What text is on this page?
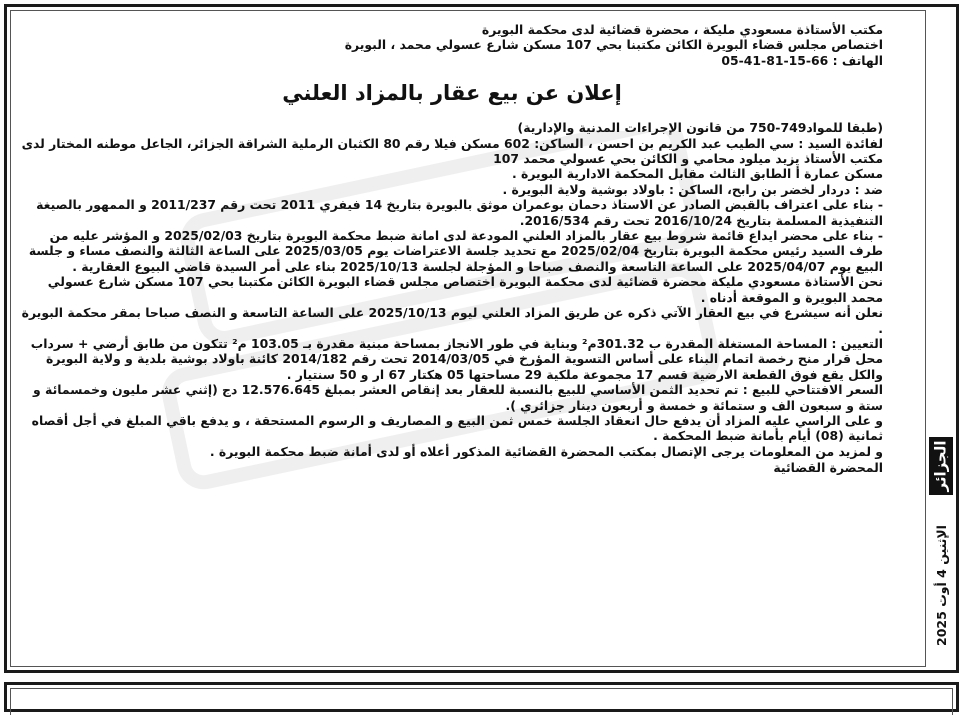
مكتب الأستاذة مسعودي مليكة ، محضرة قضائية لدى محكمة البويرة
اختصاص مجلس قضاء البويرة الكائن مكتبنا بحي 107 مسكن شارع عسولي محمد ، البويرة
الهاتف : 66-15-81-41-05
إعلان عن بيع عقار بالمزاد العلني

(طبقا للمواد749-750 من قانون الإجراءات المدنية والإدارية)

لفائدة السيد : سي الطيب عبد الكريم بن احسن ، الساكن: 602 مسكن فيلا رقم 80 الكثبان الرملية الشراقة الجزائر، الجاعل موطنه المختار لدى مكتب الأستاذ يزيد ميلود محامي و الكائن بحي عسولي محمد 107

مسكن عمارة أ الطابق الثالث مقابل المحكمة الادارية البويرة .

ضد : دردار لخضر بن رابح، الساكن : باولاد بوشية ولاية البويرة .

- بناء على اعتراف بالقبض الصادر عن الاستاذ دحمان بوعمران موثق بالبويرة بتاريخ 14 فيفري 2011 تحت رقم 2011/237 و الممهور بالصيغة التنفيذية المسلمة بتاريخ 2016/10/24 تحت رقم 2016/534.

- بناء على محضر ايداع قائمة شروط بيع عقار بالمزاد العلني المودعة لدى امانة ضبط محكمة البويرة بتاريخ 2025/02/03 و المؤشر عليه من طرف السيد رئيس محكمة البويرة بتاريخ 2025/02/04 مع تحديد جلسة الاعتراضات يوم 2025/03/05 على الساعة الثالثة والنصف مساء و جلسة البيع يوم 2025/04/07 على الساعة التاسعة والنصف صباحا و المؤجلة لجلسة 2025/10/13 بناء على أمر السيدة قاضي البيوع العقارية .

نحن الأستاذة مسعودي مليكة محضرة قضائية لدى محكمة البويرة اختصاص مجلس قضاء البويرة الكائن مكتبنا بحي 107 مسكن شارع عسولي محمد البويرة و الموقعة أدناه .

نعلن أنه سيشرع في بيع العقار الآتي ذكره عن طريق المزاد العلني ليوم 2025/10/13 على الساعة التاسعة و النصف صباحا بمقر محكمة البويرة .

التعيين : المساحة المستغلة المقدرة ب 301.32م² وبناية في طور الانجاز بمساحة مبنية مقدرة بـ 103.05 م² تتكون من طابق أرضي + سرداب محل قرار منح رخصة اتمام البناء على أساس التسوية المؤرخ في 2014/03/05 تحت رقم 2014/182 كائنة باولاد بوشية بلدية و ولاية البويرة والكل يقع فوق القطعة الارضية قسم 17 مجموعة ملكية 29 مساحتها 05 هكتار 67 ار و 50 سنتيار .

السعر الافتتاحي للبيع : تم تحديد الثمن الأساسي للبيع بالنسبة للعقار بعد إنقاص العشر بمبلغ 12.576.645 دج (إثني عشر مليون وخمسمائة و ستة و سبعون الف و ستمائة و خمسة و أربعون دينار جزائري ).

و على الراسي عليه المزاد أن يدفع حال انعقاد الجلسة خمس ثمن البيع و المصاريف و الرسوم المستحقة ، و يدفع باقي المبلغ في أجل أقصاه ثمانية (08) أيام بأمانة ضبط المحكمة .

و لمزيد من المعلومات يرجى الإتصال بمكتب المحضرة القضائية المذكور أعلاه أو لدى أمانة ضبط محكمة البويرة .

المحضرة القضائية	الجزائر
الإثنين 4 أوت 2025
